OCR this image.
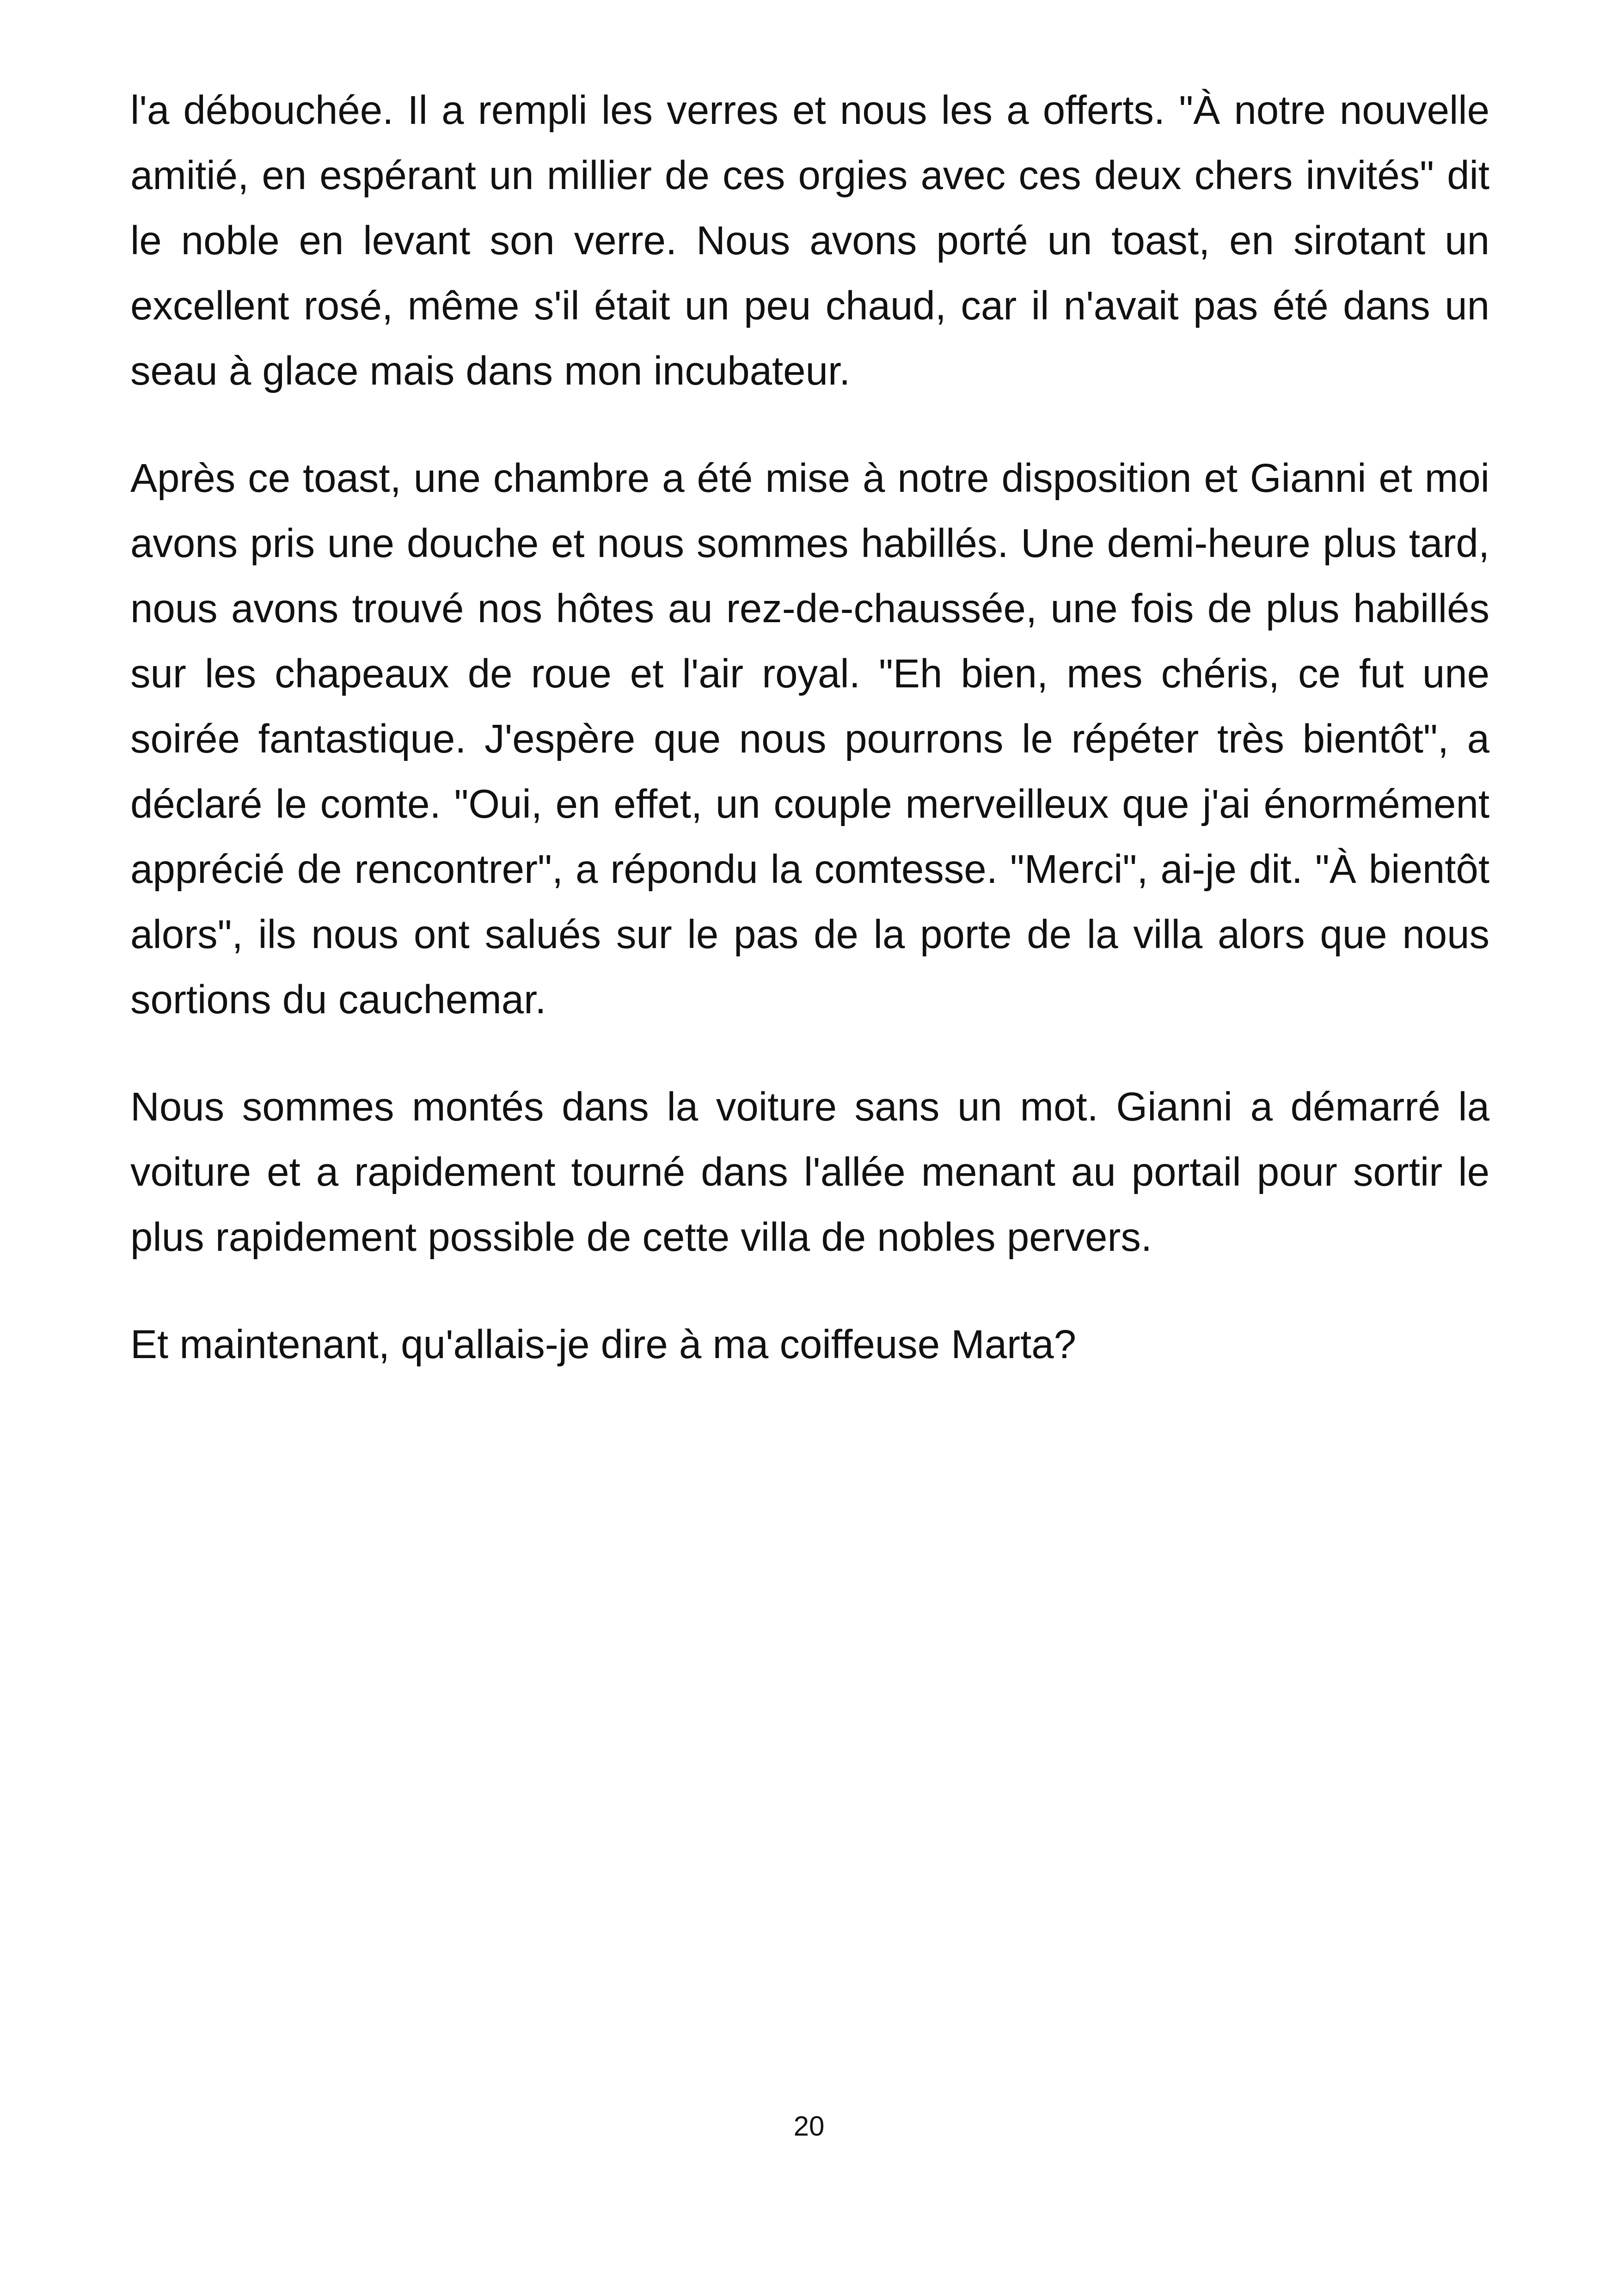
l'a débouchée. Il a rempli les verres et nous les a offerts. "À notre nouvelle amitié, en espérant un millier de ces orgies avec ces deux chers invités" dit le noble en levant son verre. Nous avons porté un toast, en sirotant un excellent rosé, même s'il était un peu chaud, car il n'avait pas été dans un seau à glace mais dans mon incubateur.

Après ce toast, une chambre a été mise à notre disposition et Gianni et moi avons pris une douche et nous sommes habillés. Une demi-heure plus tard, nous avons trouvé nos hôtes au rez-de-chaussée, une fois de plus habillés sur les chapeaux de roue et l'air royal. "Eh bien, mes chéris, ce fut une soirée fantastique. J'espère que nous pourrons le répéter très bientôt", a déclaré le comte. "Oui, en effet, un couple merveilleux que j'ai énormément apprécié de rencontrer", a répondu la comtesse. "Merci", ai-je dit. "À bientôt alors", ils nous ont salués sur le pas de la porte de la villa alors que nous sortions du cauchemar.

Nous sommes montés dans la voiture sans un mot. Gianni a démarré la voiture et a rapidement tourné dans l'allée menant au portail pour sortir le plus rapidement possible de cette villa de nobles pervers.

Et maintenant, qu'allais-je dire à ma coiffeuse Marta?

20
